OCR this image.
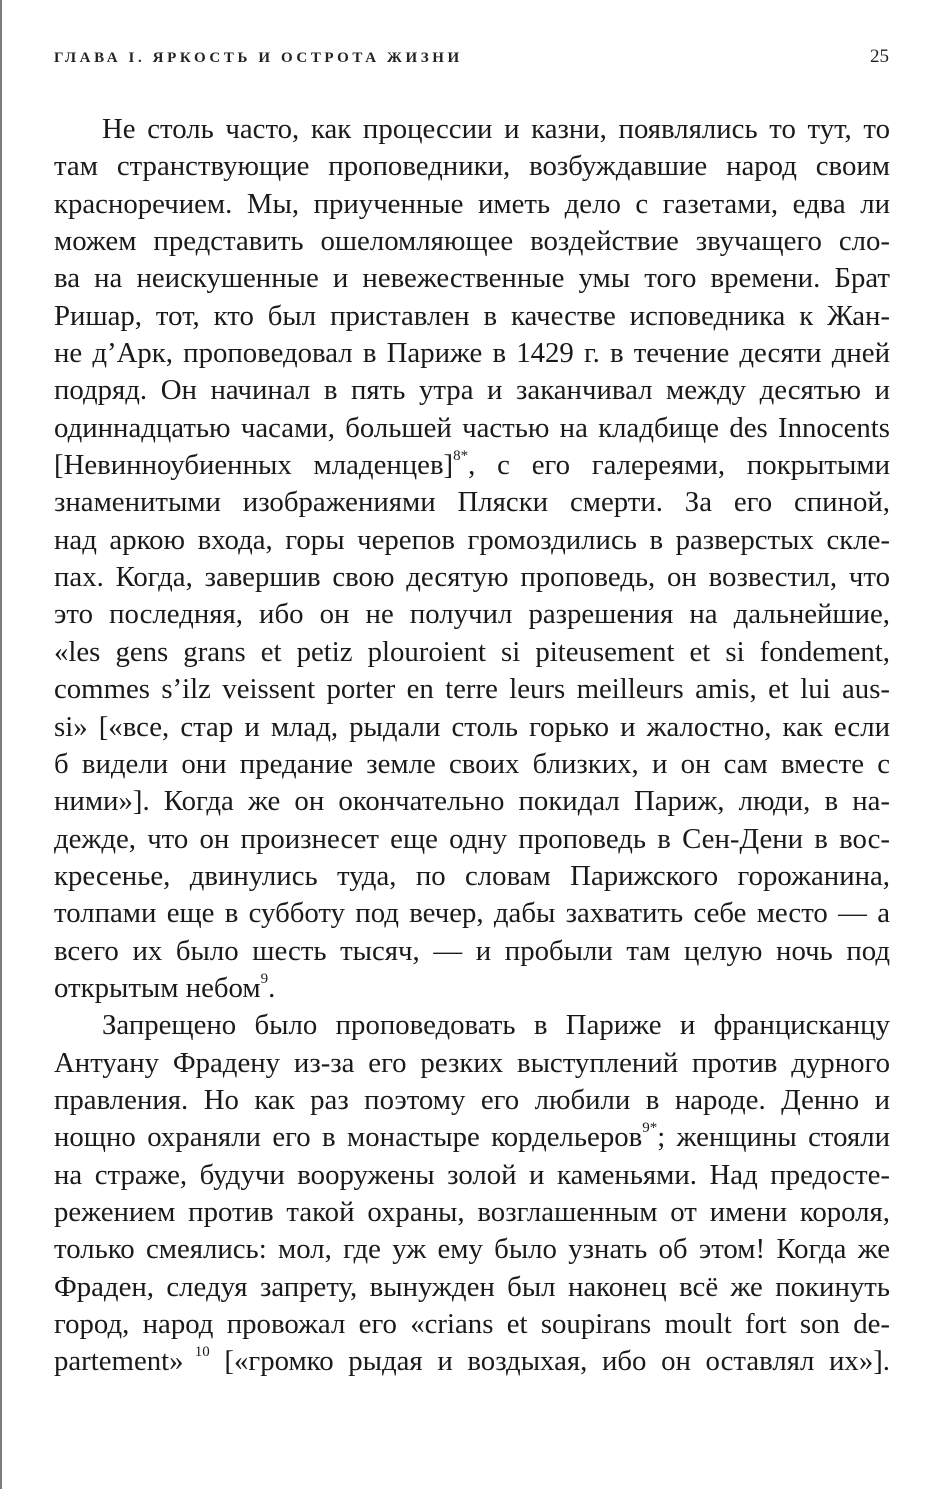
ГЛАВА I. ЯРКОСТЬ И ОСТРОТА ЖИЗНИ	25
Не столь часто, как процессии и казни, появлялись то тут, то
там странствующие проповедники, возбуждавшие народ своим
красноречием. Мы, приученные иметь дело с газетами, едва ли
можем представить ошеломляющее воздействие звучащего сло-
ва на неискушенные и невежественные умы того времени. Брат
Ришар, тот, кто был приставлен в качестве исповедника к Жан-
не д’Арк, проповедовал в Париже в 1429 г. в течение десяти дней
подряд. Он начинал в пять утра и заканчивал между десятью и
одиннадцатью часами, большей частью на кладбище des Innocents
[Невинноубиенных младенцев]$^{8*}$, с его галереями, покрытыми
знаменитыми изображениями Пляски смерти. За его спиной,
над аркою входа, горы черепов громоздились в разверстых скле-
пах. Когда, завершив свою десятую проповедь, он возвестил, что
это последняя, ибо он не получил разрешения на дальнейшие,
«les gens grans et petiz plouroient si piteusement et si fondement,
commes s’ilz veissent porter en terre leurs meilleurs amis, et lui aus-
si» [«все, стар и млад, рыдали столь горько и жалостно, как если
б видели они предание земле своих близких, и он сам вместе с
ними»]. Когда же он окончательно покидал Париж, люди, в на-
дежде, что он произнесет еще одну проповедь в Сен-Дени в вос-
кресенье, двинулись туда, по словам Парижского горожанина,
толпами еще в субботу под вечер, дабы захватить себе место — а
всего их было шесть тысяч, — и пробыли там целую ночь под
открытым небом$^9$.
Запрещено было проповедовать в Париже и францисканцу
Антуану Фрадену из-за его резких выступлений против дурного
правления. Но как раз поэтому его любили в народе. Денно и
нощно охраняли его в монастыре кордельеров$^{9*}$; женщины стояли
на страже, будучи вооружены золой и каменьями. Над предосте-
режением против такой охраны, возглашенным от имени короля,
только смеялись: мол, где уж ему было узнать об этом! Когда же
Фраден, следуя запрету, вынужден был наконец всё же покинуть
город, народ провожал его «crians et soupirans moult fort son de-
partement» $^{10}$ [«громко рыдая и воздыхая, ибо он оставлял их»].
